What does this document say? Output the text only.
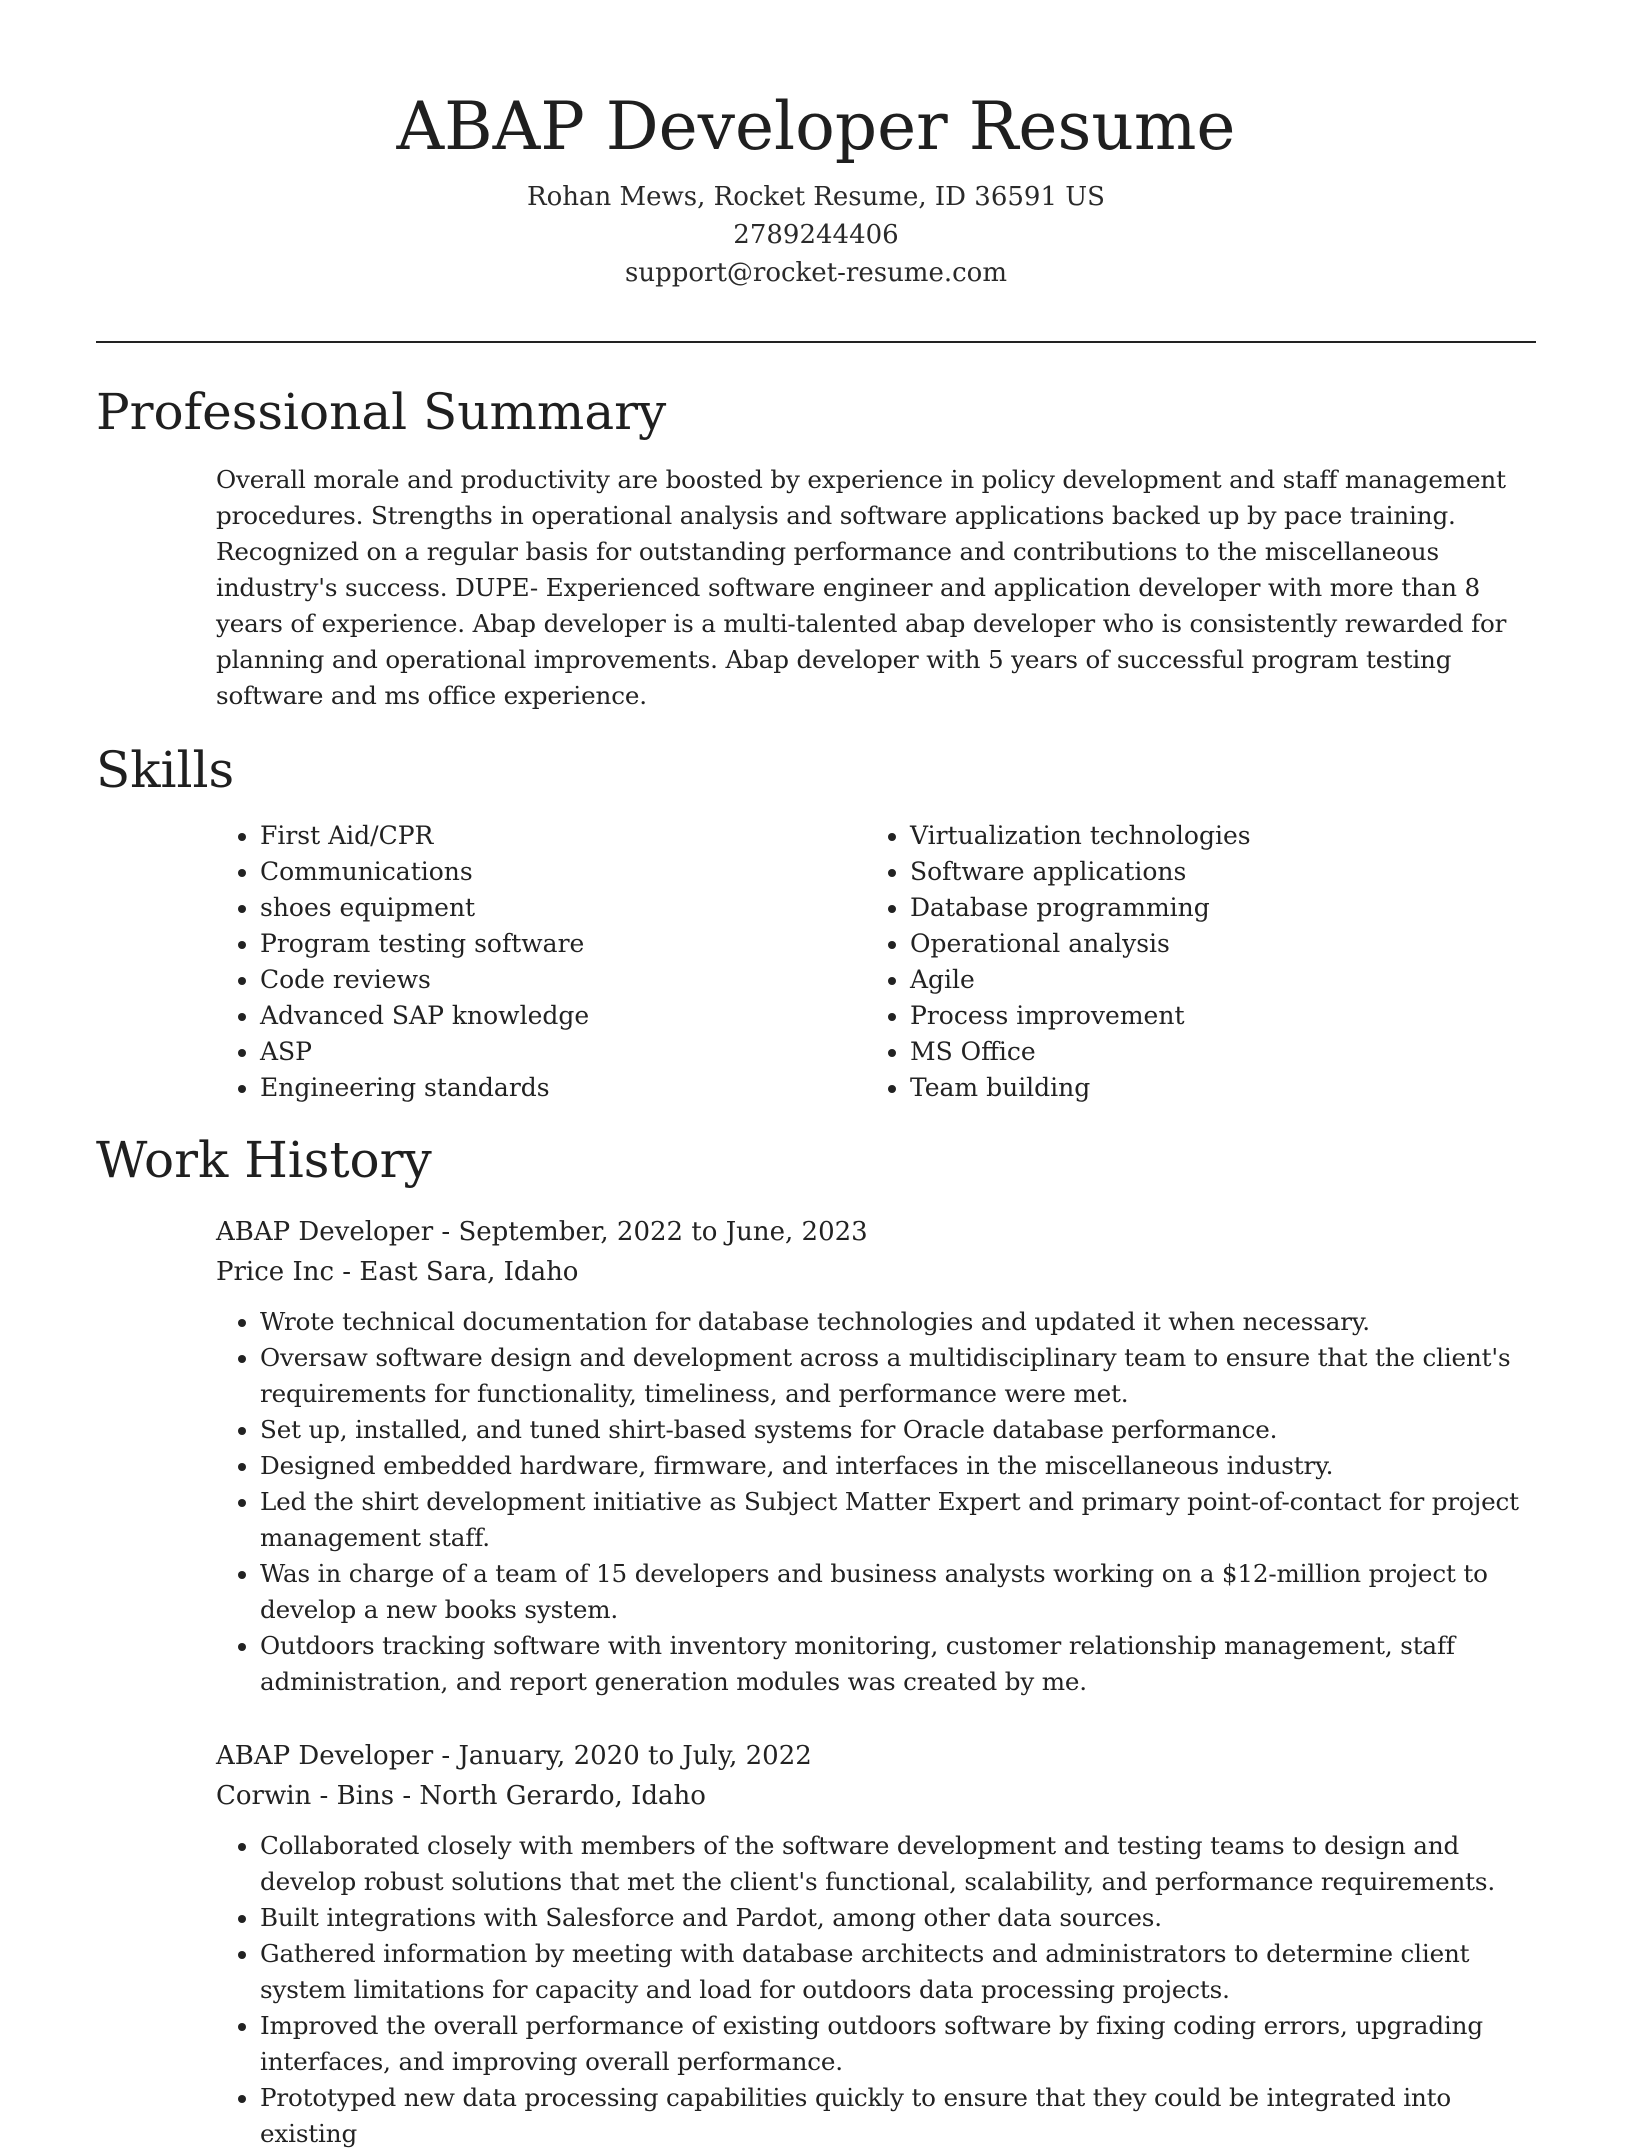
ABAP Developer Resume
Rohan Mews, Rocket Resume, ID 36591 US
2789244406
support@rocket-resume.com
Professional Summary
Overall morale and productivity are boosted by experience in policy development and staff management procedures. Strengths in operational analysis and software applications backed up by pace training. Recognized on a regular basis for outstanding performance and contributions to the miscellaneous industry's success. DUPE- Experienced software engineer and application developer with more than 8 years of experience. Abap developer is a multi-talented abap developer who is consistently rewarded for planning and operational improvements. Abap developer with 5 years of successful program testing software and ms office experience.
Skills
• First Aid/CPR
• Communications
• shoes equipment
• Program testing software
• Code reviews
• Advanced SAP knowledge
• ASP
• Engineering standards
• Virtualization technologies
• Software applications
• Database programming
• Operational analysis
• Agile
• Process improvement
• MS Office
• Team building
Work History
ABAP Developer - September, 2022 to June, 2023
Price Inc - East Sara, Idaho
• Wrote technical documentation for database technologies and updated it when necessary.
• Oversaw software design and development across a multidisciplinary team to ensure that the client's requirements for functionality, timeliness, and performance were met.
• Set up, installed, and tuned shirt-based systems for Oracle database performance.
• Designed embedded hardware, firmware, and interfaces in the miscellaneous industry.
• Led the shirt development initiative as Subject Matter Expert and primary point-of-contact for project management staff.
• Was in charge of a team of 15 developers and business analysts working on a $12-million project to develop a new books system.
• Outdoors tracking software with inventory monitoring, customer relationship management, staff administration, and report generation modules was created by me.
ABAP Developer - January, 2020 to July, 2022
Corwin - Bins - North Gerardo, Idaho
• Collaborated closely with members of the software development and testing teams to design and develop robust solutions that met the client's functional, scalability, and performance requirements.
• Built integrations with Salesforce and Pardot, among other data sources.
• Gathered information by meeting with database architects and administrators to determine client system limitations for capacity and load for outdoors data processing projects.
• Improved the overall performance of existing outdoors software by fixing coding errors, upgrading interfaces, and improving overall performance.
• Prototyped new data processing capabilities quickly to ensure that they could be integrated into existing
